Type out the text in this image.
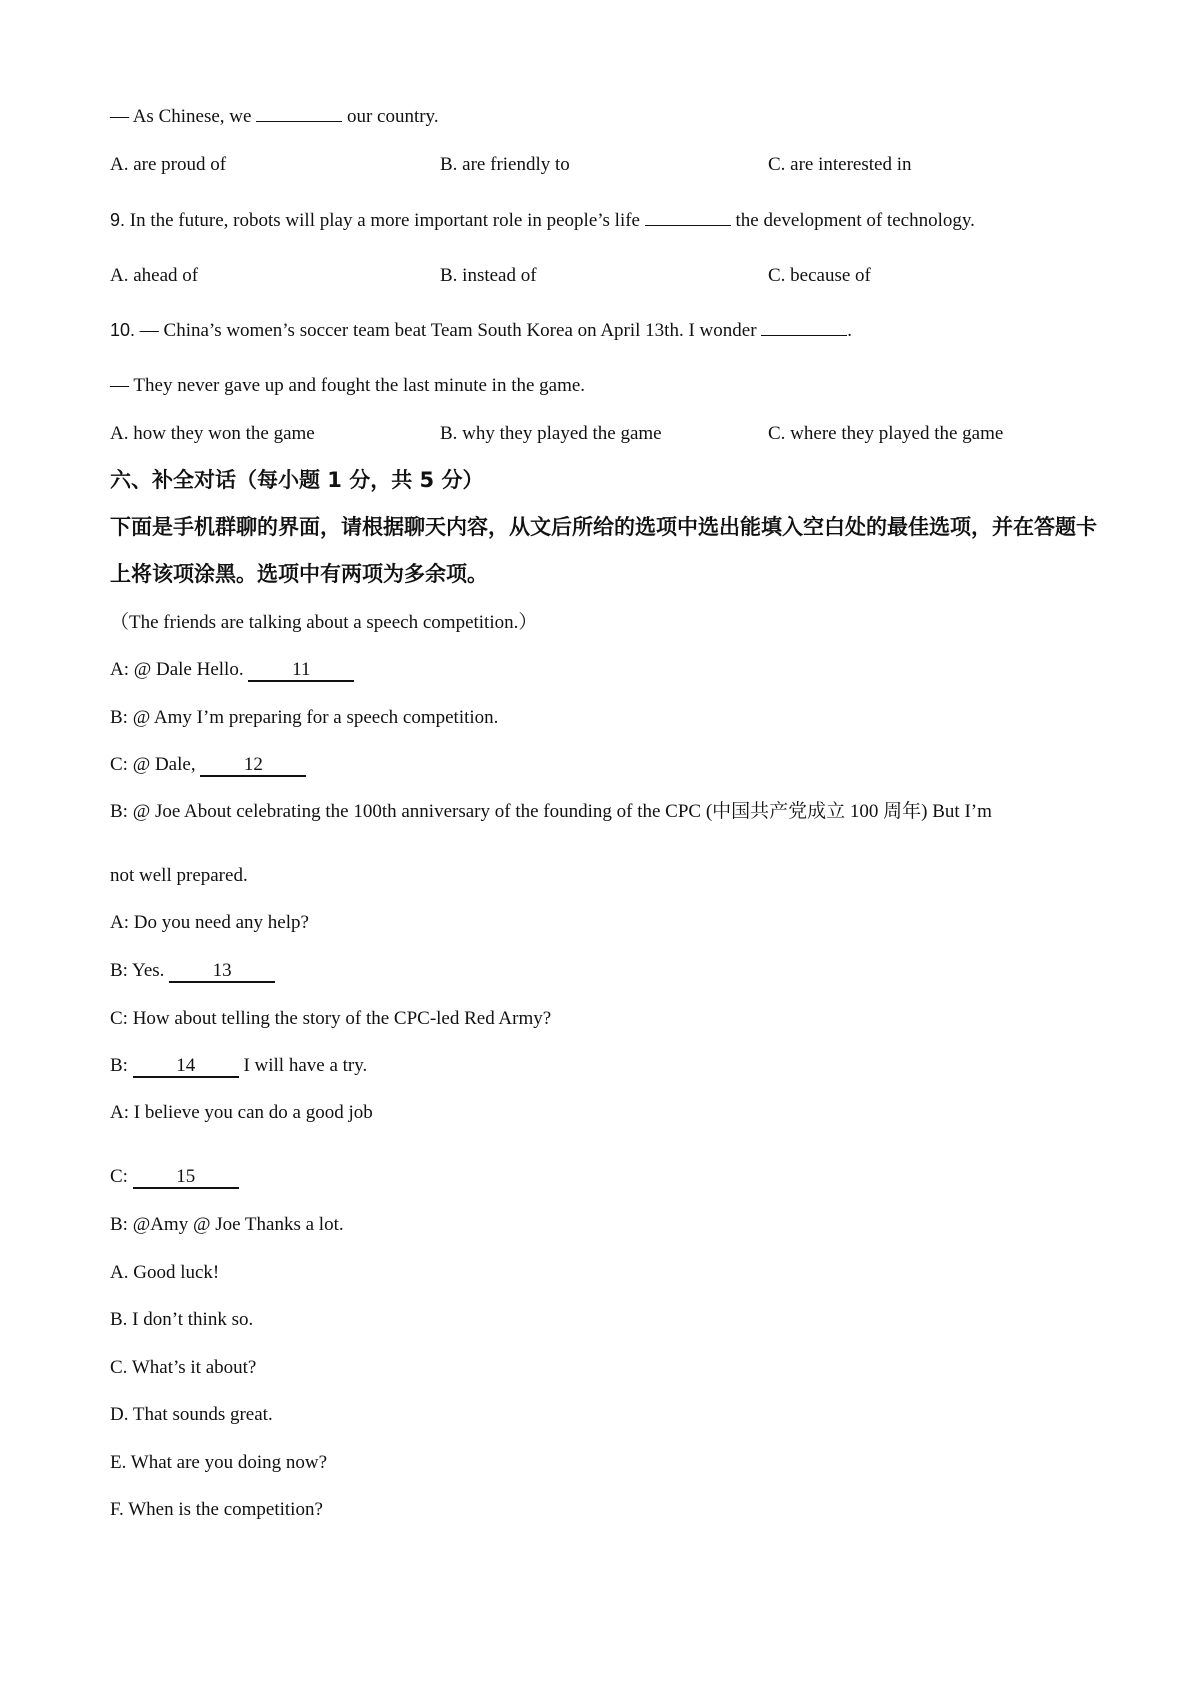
— As Chinese, we	our country.
A. are proud of	B. are friendly to	C. are interested in
9. In the future, robots will play a more important role in people’s life	the development of technology.
A. ahead of	B. instead of	C. because of
10. — China’s women’s soccer team beat Team South Korea on April 13th. I wonder	.
— They never gave up and fought the last minute in the game.
A. how they won the game	B. why they played the game	C. where they played the game
六、补全对话（每小题 1 分，共 5 分）
下面是手机群聊的界面，请根据聊天内容，从文后所给的选项中选出能填入空白处的最佳选项，并在答题卡上将该项涂黑。选项中有两项为多余项。
（The friends are talking about a speech competition.）
A: @ Dale Hello.	11
B: @ Amy I’m preparing for a speech competition.
C: @ Dale,	12
B: @ Joe About celebrating the 100th anniversary of the founding of the CPC (中国共产党成立 100 周年) But I’m
not well prepared.
A: Do you need any help?
B: Yes.	13
C: How about telling the story of the CPC-led Red Army?
B:	14	I will have a try.
A: I believe you can do a good job
C:	15
B: @Amy @ Joe Thanks a lot.
A. Good luck!
B. I don’t think so.
C. What’s it about?
D. That sounds great.
E. What are you doing now?
F. When is the competition?
